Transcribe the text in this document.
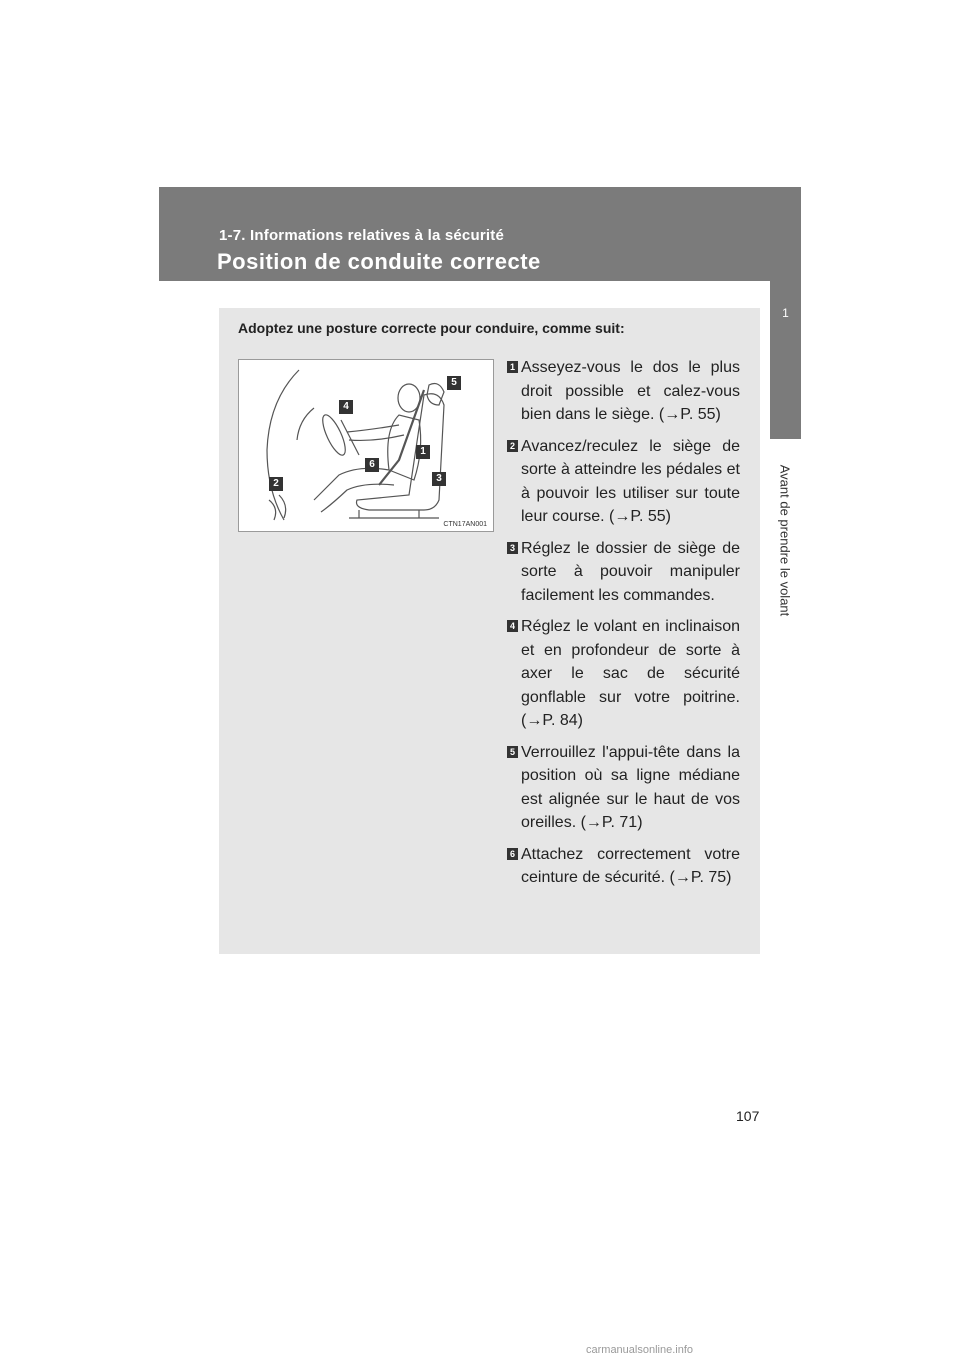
1-7. Informations relatives à la sécurité
Position de conduite correcte
1
Avant de prendre le volant
Adoptez une posture correcte pour conduire, comme suit:
1
2	3
4
5
6
CTN17AN001
1 Asseyez-vous le dos le plus droit possible et calez-vous bien dans le siège. (→P. 55)

2 Avancez/reculez le siège de sorte à atteindre les pédales et à pouvoir les utiliser sur toute leur course. (→P. 55)

3 Réglez le dossier de siège de sorte à pouvoir manipuler facilement les commandes.

4 Réglez le volant en inclinaison et en profondeur de sorte à axer le sac de sécurité gonflable sur votre poitrine. (→P. 84)

5 Verrouillez l'appui-tête dans la position où sa ligne médiane est alignée sur le haut de vos oreilles. (→P. 71)

6 Attachez correctement votre ceinture de sécurité. (→P. 75)

107
carmanualsonline.info
